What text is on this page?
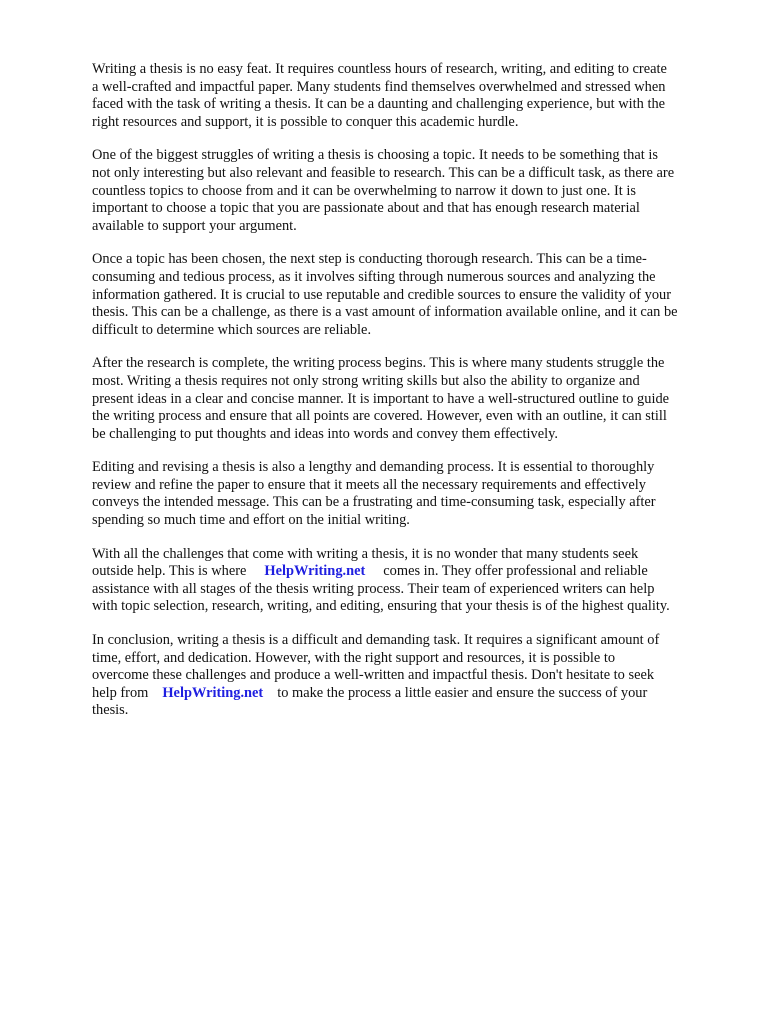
Writing a thesis is no easy feat. It requires countless hours of research, writing, and editing to create
a well-crafted and impactful paper. Many students find themselves overwhelmed and stressed when
faced with the task of writing a thesis. It can be a daunting and challenging experience, but with the
right resources and support, it is possible to conquer this academic hurdle.

One of the biggest struggles of writing a thesis is choosing a topic. It needs to be something that is
not only interesting but also relevant and feasible to research. This can be a difficult task, as there are
countless topics to choose from and it can be overwhelming to narrow it down to just one. It is
important to choose a topic that you are passionate about and that has enough research material
available to support your argument.

Once a topic has been chosen, the next step is conducting thorough research. This can be a time-
consuming and tedious process, as it involves sifting through numerous sources and analyzing the
information gathered. It is crucial to use reputable and credible sources to ensure the validity of your
thesis. This can be a challenge, as there is a vast amount of information available online, and it can be
difficult to determine which sources are reliable.

After the research is complete, the writing process begins. This is where many students struggle the
most. Writing a thesis requires not only strong writing skills but also the ability to organize and
present ideas in a clear and concise manner. It is important to have a well-structured outline to guide
the writing process and ensure that all points are covered. However, even with an outline, it can still
be challenging to put thoughts and ideas into words and convey them effectively.

Editing and revising a thesis is also a lengthy and demanding process. It is essential to thoroughly
review and refine the paper to ensure that it meets all the necessary requirements and effectively
conveys the intended message. This can be a frustrating and time-consuming task, especially after
spending so much time and effort on the initial writing.

With all the challenges that come with writing a thesis, it is no wonder that many students seek
outside help. This is where HelpWriting.net comes in. They offer professional and reliable
assistance with all stages of the thesis writing process. Their team of experienced writers can help
with topic selection, research, writing, and editing, ensuring that your thesis is of the highest quality.

In conclusion, writing a thesis is a difficult and demanding task. It requires a significant amount of
time, effort, and dedication. However, with the right support and resources, it is possible to
overcome these challenges and produce a well-written and impactful thesis. Don't hesitate to seek
help from HelpWriting.net to make the process a little easier and ensure the success of your
thesis.
